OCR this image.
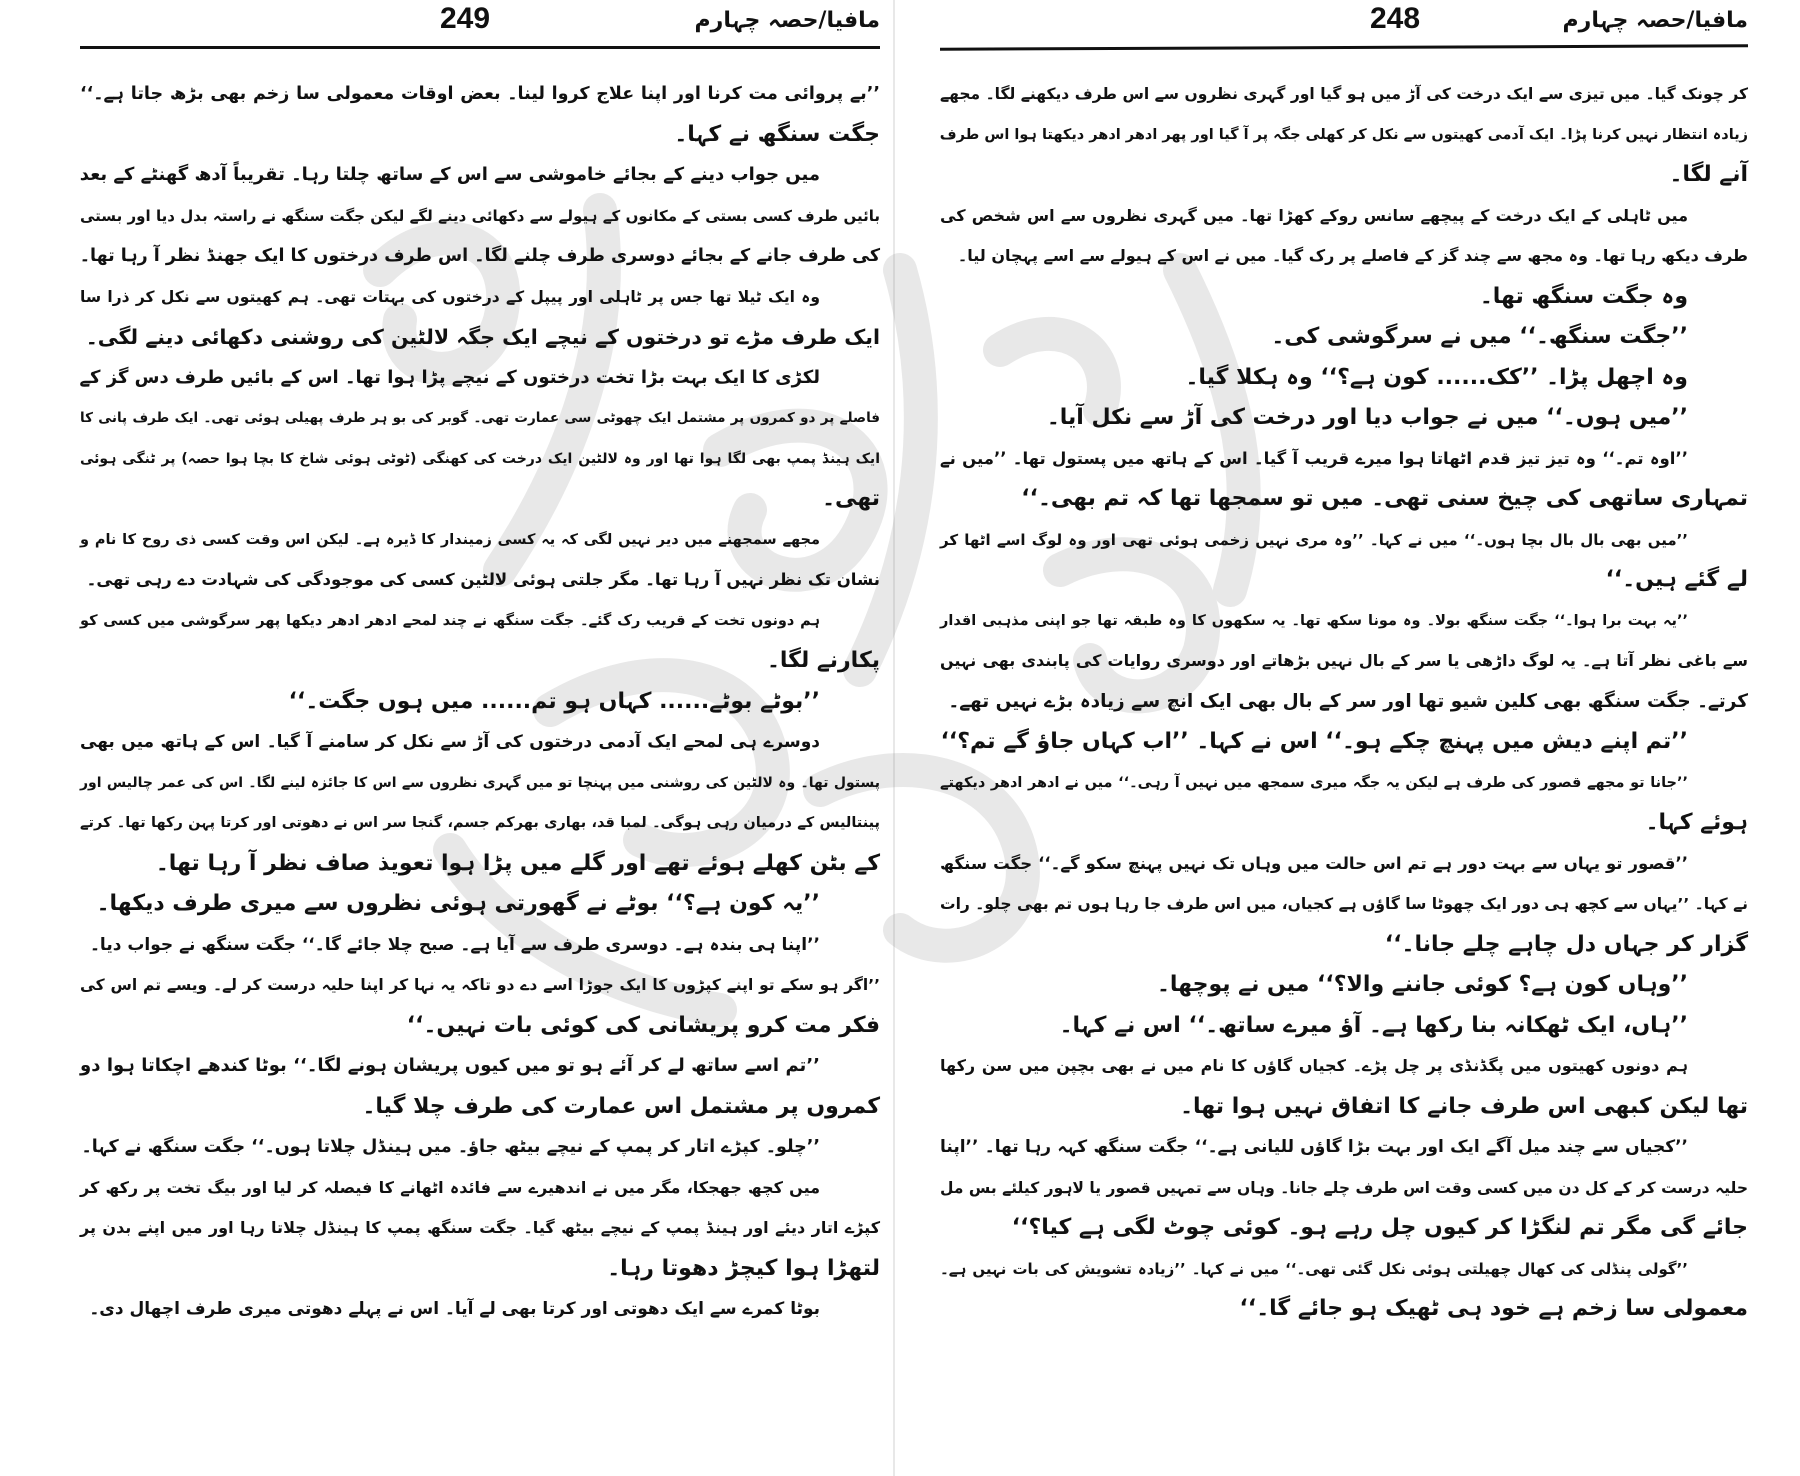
249	مافیا/حصہ چہارم
’’بے پروائی مت کرنا اور اپنا علاج کروا لینا۔ بعض اوقات معمولی سا زخم بھی بڑھ جاتا ہے۔‘‘
جگت سنگھ نے کہا۔
میں جواب دینے کے بجائے خاموشی سے اس کے ساتھ چلتا رہا۔ تقریباً آدھ گھنٹے کے بعد
بائیں طرف کسی بستی کے مکانوں کے ہیولے سے دکھائی دینے لگے لیکن جگت سنگھ نے راستہ بدل دیا اور بستی
کی طرف جانے کے بجائے دوسری طرف چلنے لگا۔ اس طرف درختوں کا ایک جھنڈ نظر آ رہا تھا۔
وہ ایک ٹیلا تھا جس پر ٹاہلی اور پیپل کے درختوں کی بہتات تھی۔ ہم کھیتوں سے نکل کر ذرا سا
ایک طرف مڑے تو درختوں کے نیچے ایک جگہ لالٹین کی روشنی دکھائی دینے لگی۔
لکڑی کا ایک بہت بڑا تخت درختوں کے نیچے پڑا ہوا تھا۔ اس کے بائیں طرف دس گز کے
فاصلے پر دو کمروں پر مشتمل ایک چھوٹی سی عمارت تھی۔ گوبر کی بو ہر طرف پھیلی ہوئی تھی۔ ایک طرف پانی کا
ایک ہینڈ پمپ بھی لگا ہوا تھا اور وہ لالٹین ایک درخت کی کھنگی (ٹوٹی ہوئی شاخ کا بچا ہوا حصہ) پر ٹنگی ہوئی
تھی۔
مجھے سمجھنے میں دیر نہیں لگی کہ یہ کسی زمیندار کا ڈیرہ ہے۔ لیکن اس وقت کسی ذی روح کا نام و
نشان تک نظر نہیں آ رہا تھا۔ مگر جلتی ہوئی لالٹین کسی کی موجودگی کی شہادت دے رہی تھی۔
ہم دونوں تخت کے قریب رک گئے۔ جگت سنگھ نے چند لمحے ادھر ادھر دیکھا پھر سرگوشی میں کسی کو
پکارنے لگا۔
’’بوٹے بوٹے...... کہاں ہو تم...... میں ہوں جگت۔‘‘
دوسرے ہی لمحے ایک آدمی درختوں کی آڑ سے نکل کر سامنے آ گیا۔ اس کے ہاتھ میں بھی
پستول تھا۔ وہ لالٹین کی روشنی میں پہنچا تو میں گہری نظروں سے اس کا جائزہ لینے لگا۔ اس کی عمر چالیس اور
پینتالیس کے درمیان رہی ہوگی۔ لمبا قد، بھاری بھرکم جسم، گنجا سر اس نے دھوتی اور کرتا پہن رکھا تھا۔ کرتے
کے بٹن کھلے ہوئے تھے اور گلے میں پڑا ہوا تعویذ صاف نظر آ رہا تھا۔
’’یہ کون ہے؟‘‘ بوٹے نے گھورتی ہوئی نظروں سے میری طرف دیکھا۔
’’اپنا ہی بندہ ہے۔ دوسری طرف سے آیا ہے۔ صبح چلا جائے گا۔‘‘ جگت سنگھ نے جواب دیا۔
’’اگر ہو سکے تو اپنے کپڑوں کا ایک جوڑا اسے دے دو تاکہ یہ نہا کر اپنا حلیہ درست کر لے۔ ویسے تم اس کی
فکر مت کرو پریشانی کی کوئی بات نہیں۔‘‘
’’تم اسے ساتھ لے کر آئے ہو تو میں کیوں پریشان ہونے لگا۔‘‘ بوٹا کندھے اچکاتا ہوا دو
کمروں پر مشتمل اس عمارت کی طرف چلا گیا۔
’’چلو۔ کپڑے اتار کر پمپ کے نیچے بیٹھ جاؤ۔ میں ہینڈل چلاتا ہوں۔‘‘ جگت سنگھ نے کہا۔
میں کچھ جھجکا، مگر میں نے اندھیرے سے فائدہ اٹھانے کا فیصلہ کر لیا اور بیگ تخت پر رکھ کر
کپڑے اتار دیئے اور ہینڈ پمپ کے نیچے بیٹھ گیا۔ جگت سنگھ پمپ کا ہینڈل چلاتا رہا اور میں اپنے بدن پر
لتھڑا ہوا کیچڑ دھوتا رہا۔
بوٹا کمرے سے ایک دھوتی اور کرتا بھی لے آیا۔ اس نے پہلے دھوتی میری طرف اچھال دی۔
248	مافیا/حصہ چہارم
کر چونک گیا۔ میں تیزی سے ایک درخت کی آڑ میں ہو گیا اور گہری نظروں سے اس طرف دیکھنے لگا۔ مجھے
زیادہ انتظار نہیں کرنا پڑا۔ ایک آدمی کھیتوں سے نکل کر کھلی جگہ پر آ گیا اور پھر ادھر ادھر دیکھتا ہوا اس طرف
آنے لگا۔
میں ٹاہلی کے ایک درخت کے پیچھے سانس روکے کھڑا تھا۔ میں گہری نظروں سے اس شخص کی
طرف دیکھ رہا تھا۔ وہ مجھ سے چند گز کے فاصلے پر رک گیا۔ میں نے اس کے ہیولے سے اسے پہچان لیا۔
وہ جگت سنگھ تھا۔
’’جگت سنگھ۔‘‘ میں نے سرگوشی کی۔
وہ اچھل پڑا۔ ’’کک...... کون ہے؟‘‘ وہ ہکلا گیا۔
’’میں ہوں۔‘‘ میں نے جواب دیا اور درخت کی آڑ سے نکل آیا۔
’’اوہ تم۔‘‘ وہ تیز تیز قدم اٹھاتا ہوا میرے قریب آ گیا۔ اس کے ہاتھ میں پستول تھا۔ ’’میں نے
تمہاری ساتھی کی چیخ سنی تھی۔ میں تو سمجھا تھا کہ تم بھی۔‘‘
’’میں بھی بال بال بچا ہوں۔‘‘ میں نے کہا۔ ’’وہ مری نہیں زخمی ہوئی تھی اور وہ لوگ اسے اٹھا کر
لے گئے ہیں۔‘‘
’’یہ بہت برا ہوا۔‘‘ جگت سنگھ بولا۔ وہ مونا سکھ تھا۔ یہ سکھوں کا وہ طبقہ تھا جو اپنی مذہبی اقدار
سے باغی نظر آتا ہے۔ یہ لوگ داڑھی یا سر کے بال نہیں بڑھاتے اور دوسری روایات کی پابندی بھی نہیں
کرتے۔ جگت سنگھ بھی کلین شیو تھا اور سر کے بال بھی ایک انچ سے زیادہ بڑے نہیں تھے۔
’’تم اپنے دیش میں پہنچ چکے ہو۔‘‘ اس نے کہا۔ ’’اب کہاں جاؤ گے تم؟‘‘
’’جانا تو مجھے قصور کی طرف ہے لیکن یہ جگہ میری سمجھ میں نہیں آ رہی۔‘‘ میں نے ادھر ادھر دیکھتے
ہوئے کہا۔
’’قصور تو یہاں سے بہت دور ہے تم اس حالت میں وہاں تک نہیں پہنچ سکو گے۔‘‘ جگت سنگھ
نے کہا۔ ’’یہاں سے کچھ ہی دور ایک چھوٹا سا گاؤں ہے کجیاں، میں اس طرف جا رہا ہوں تم بھی چلو۔ رات
گزار کر جہاں دل چاہے چلے جانا۔‘‘
’’وہاں کون ہے؟ کوئی جاننے والا؟‘‘ میں نے پوچھا۔
’’ہاں، ایک ٹھکانہ بنا رکھا ہے۔ آؤ میرے ساتھ۔‘‘ اس نے کہا۔
ہم دونوں کھیتوں میں پگڈنڈی پر چل پڑے۔ کجیاں گاؤں کا نام میں نے بھی بچپن میں سن رکھا
تھا لیکن کبھی اس طرف جانے کا اتفاق نہیں ہوا تھا۔
’’کجیاں سے چند میل آگے ایک اور بہت بڑا گاؤں للیانی ہے۔‘‘ جگت سنگھ کہہ رہا تھا۔ ’’اپنا
حلیہ درست کر کے کل دن میں کسی وقت اس طرف چلے جانا۔ وہاں سے تمہیں قصور یا لاہور کیلئے بس مل
جائے گی مگر تم لنگڑا کر کیوں چل رہے ہو۔ کوئی چوٹ لگی ہے کیا؟‘‘
’’گولی پنڈلی کی کھال چھیلتی ہوئی نکل گئی تھی۔‘‘ میں نے کہا۔ ’’زیادہ تشویش کی بات نہیں ہے۔
معمولی سا زخم ہے خود ہی ٹھیک ہو جائے گا۔‘‘
